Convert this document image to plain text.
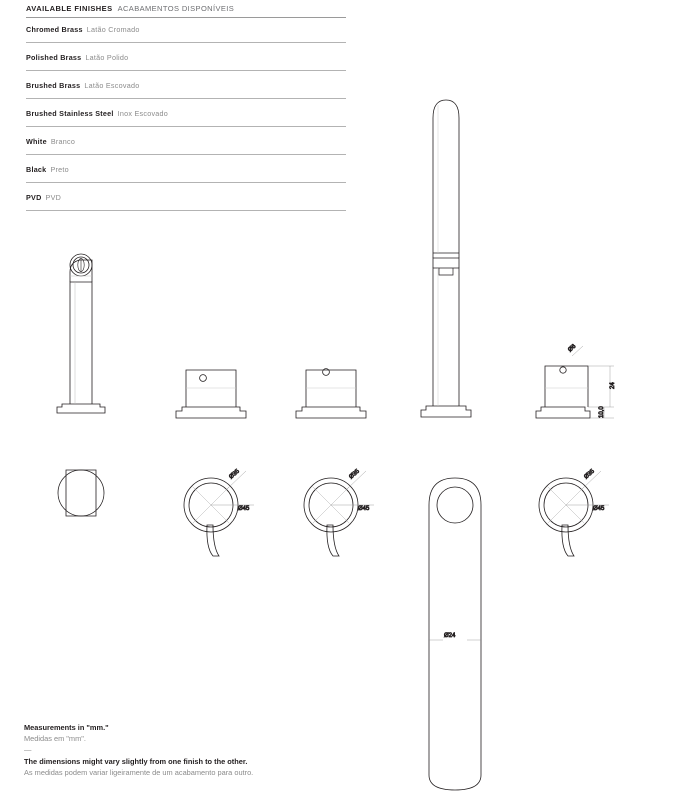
AVAILABLE FINISHES ACABAMENTOS DISPONÍVEIS
Chromed Brass Latão Cromado
Polished Brass Latão Polido
Brushed Brass Latão Escovado
Brushed Stainless Steel Inox Escovado
White Branco
Black Preto
PVD PVD
Ø35
Ø45
Ø35
Ø45
Ø24
Ø6
24
10,0
Ø35
Ø45
Measurements in "mm."
Medidas em "mm".
—
The dimensions might vary slightly from one finish to the other.
As medidas podem variar ligeiramente de um acabamento para outro.
